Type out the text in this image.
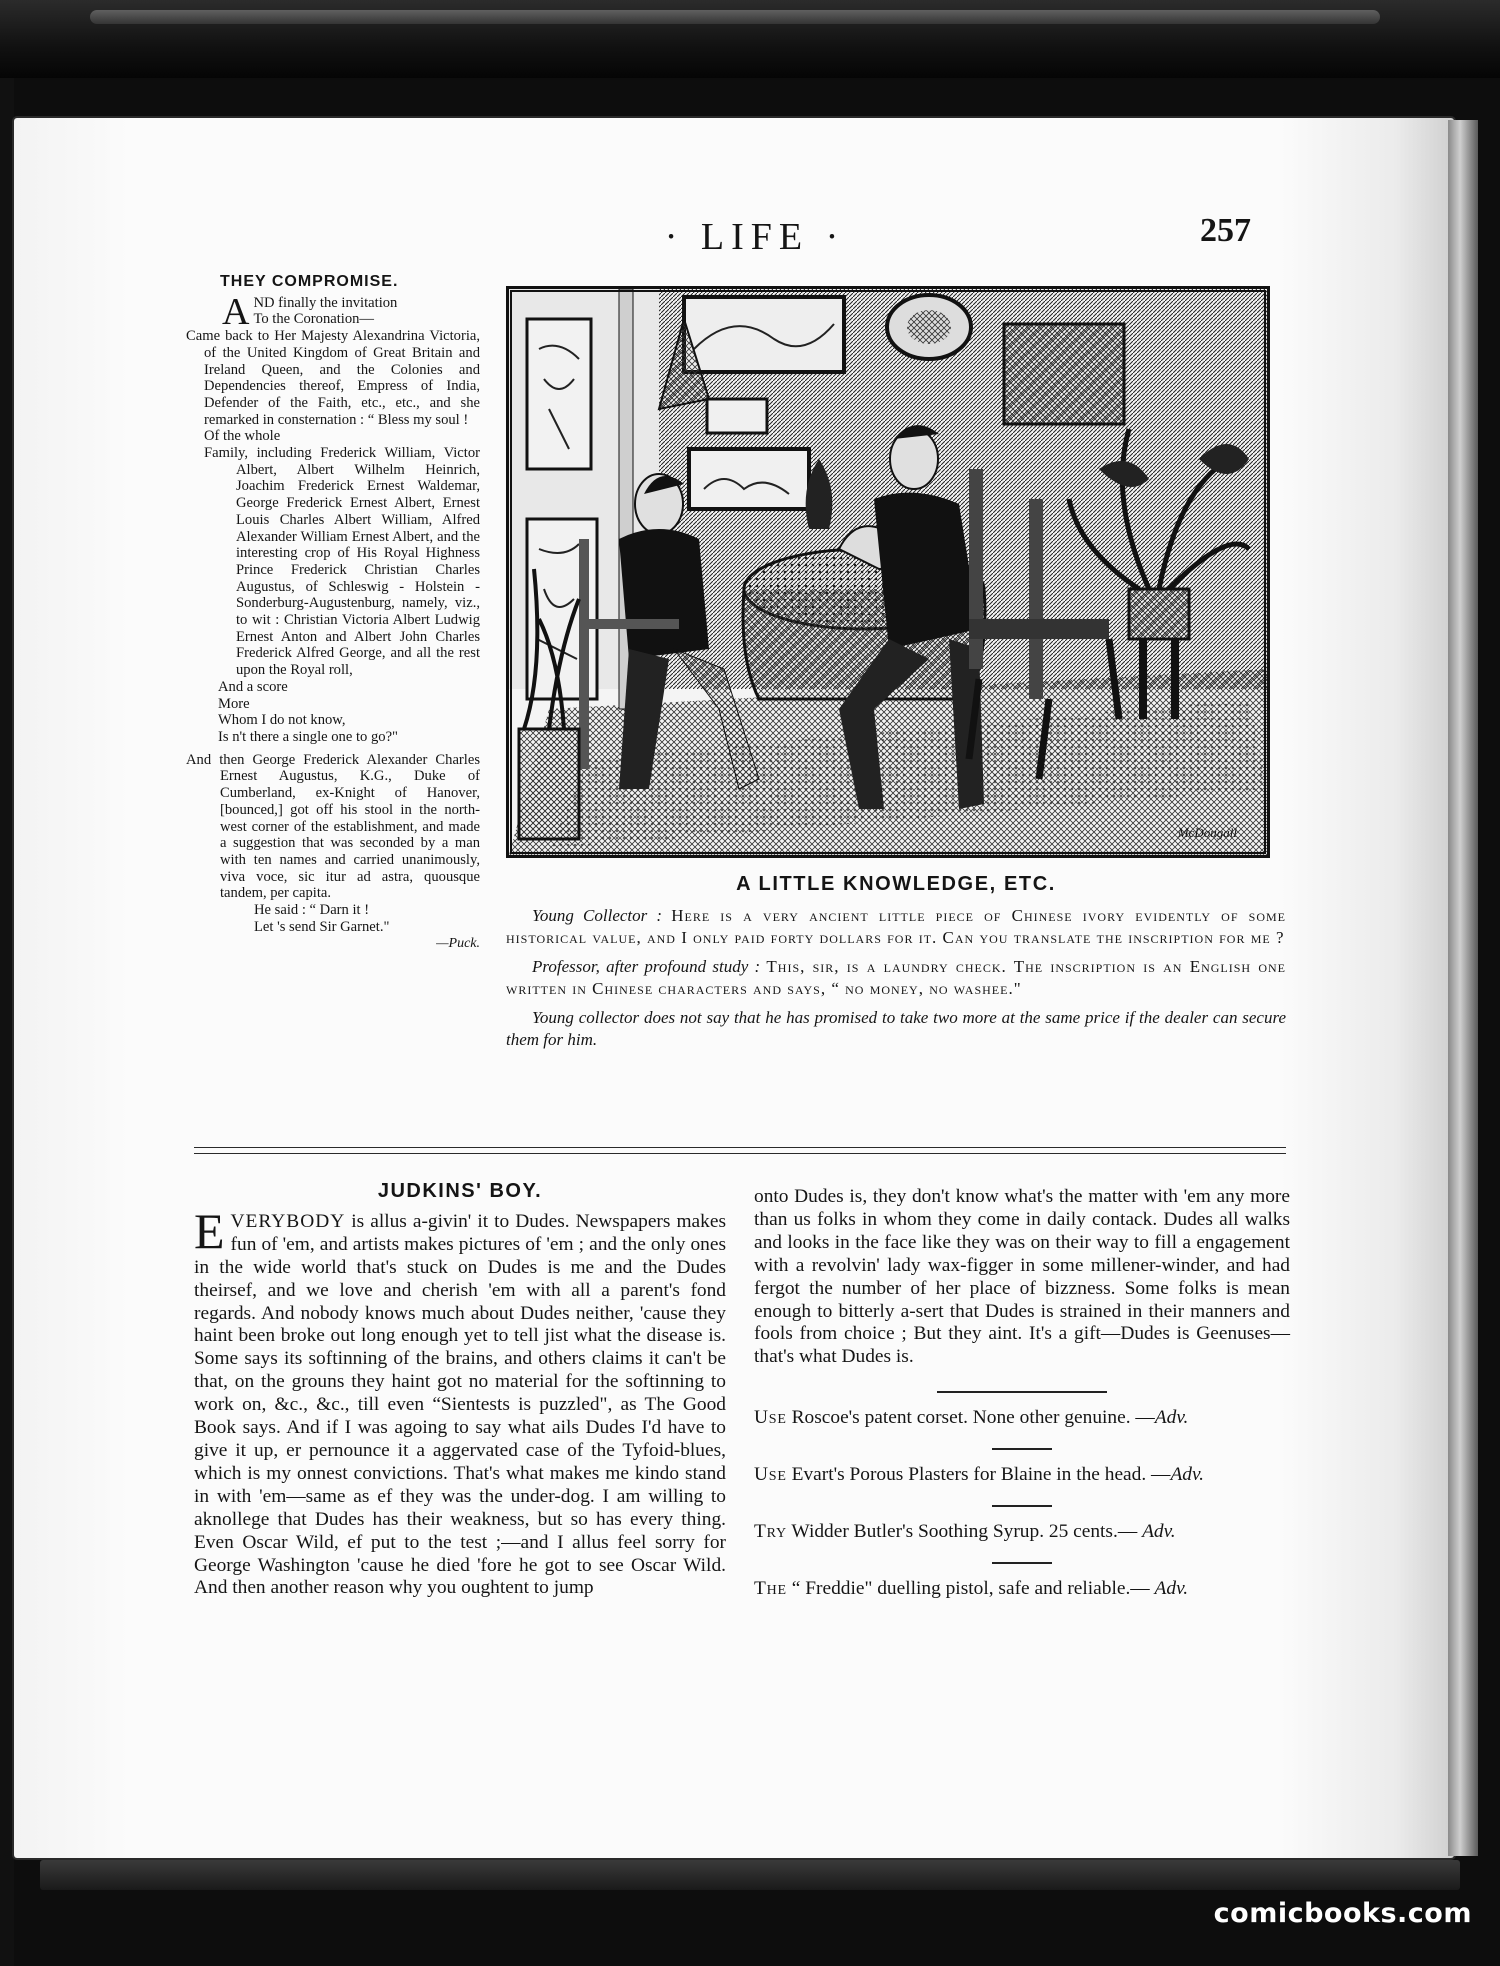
· LIFE ·	257
THEY COMPROMISE.
A ND finally the invitation

To the Coronation—

Came back to Her Majesty Alexandrina Victoria, of the United Kingdom of Great Britain and Ireland Queen, and the Colonies and Dependencies thereof, Empress of India, Defender of the Faith, etc., etc., and she remarked in consternation : “ Bless my soul !

Of the whole

Family, including Frederick William, Victor Albert, Albert Wilhelm Heinrich, Joachim Frederick Ernest Waldemar, George Frederick Ernest Albert, Ernest Louis Charles Albert William, Alfred Alexander William Ernest Albert, and the interesting crop of His Royal Highness Prince Frederick Christian Charles Augustus, of Schleswig - Holstein - Sonderburg-Augustenburg, namely, viz., to wit : Christian Victoria Albert Ludwig Ernest Anton and Albert John Charles Frederick Alfred George, and all the rest upon the Royal roll,

And a score

More

Whom I do not know,

Is n't there a single one to go?"

And then George Frederick Alexander Charles Ernest Augustus, K.G., Duke of Cumberland, ex-Knight of Hanover, [bounced,] got off his stool in the north-west corner of the establishment, and made a suggestion that was seconded by a man with ten names and carried unanimously, viva voce, sic itur ad astra, quousque tandem, per capita.

He said : “ Darn it !

Let 's send Sir Garnet."

—Puck.

McDougall
A LITTLE KNOWLEDGE, ETC.

Young Collector : Here is a very ancient little piece of Chinese ivory evidently of some historical value, and I only paid forty dollars for it. Can you translate the inscription for me ?

Professor, after profound study : This, sir, is a laundry check. The inscription is an English one written in Chinese characters and says, “ no money, no washee."

Young collector does not say that he has promised to take two more at the same price if the dealer can secure them for him.

JUDKINS' BOY.

EVERYBODY is allus a-givin' it to Dudes. Newspapers makes fun of 'em, and artists makes pictures of 'em ; and the only ones in the wide world that's stuck on Dudes is me and the Dudes theirsef, and we love and cherish 'em with all a parent's fond regards. And nobody knows much about Dudes neither, 'cause they haint been broke out long enough yet to tell jist what the disease is. Some says its softinning of the brains, and others claims it can't be that, on the grouns they haint got no material for the softinning to work on, &c., &c., till even “Sientests is puzzled", as The Good Book says. And if I was agoing to say what ails Dudes I'd have to give it up, er pernounce it a aggervated case of the Tyfoid-blues, which is my onnest convictions. That's what makes me kindo stand in with 'em—same as ef they was the under-dog. I am willing to aknollege that Dudes has their weakness, but so has every thing. Even Oscar Wild, ef put to the test ;—and I allus feel sorry for George Washington 'cause he died 'fore he got to see Oscar Wild. And then another reason why you oughtent to jump

onto Dudes is, they don't know what's the matter with 'em any more than us folks in whom they come in daily contack. Dudes all walks and looks in the face like they was on their way to fill a engagement with a revolvin' lady wax-figger in some millener-winder, and had fergot the number of her place of bizzness. Some folks is mean enough to bitterly a-sert that Dudes is strained in their manners and fools from choice ; But they aint. It's a gift—Dudes is Geenuses—that's what Dudes is.

Use Roscoe's patent corset. None other genuine. —Adv.

Use Evart's Porous Plasters for Blaine in the head. —Adv.

Try Widder Butler's Soothing Syrup. 25 cents.— Adv.

The “ Freddie" duelling pistol, safe and reliable.— Adv.

comicbooks.com
